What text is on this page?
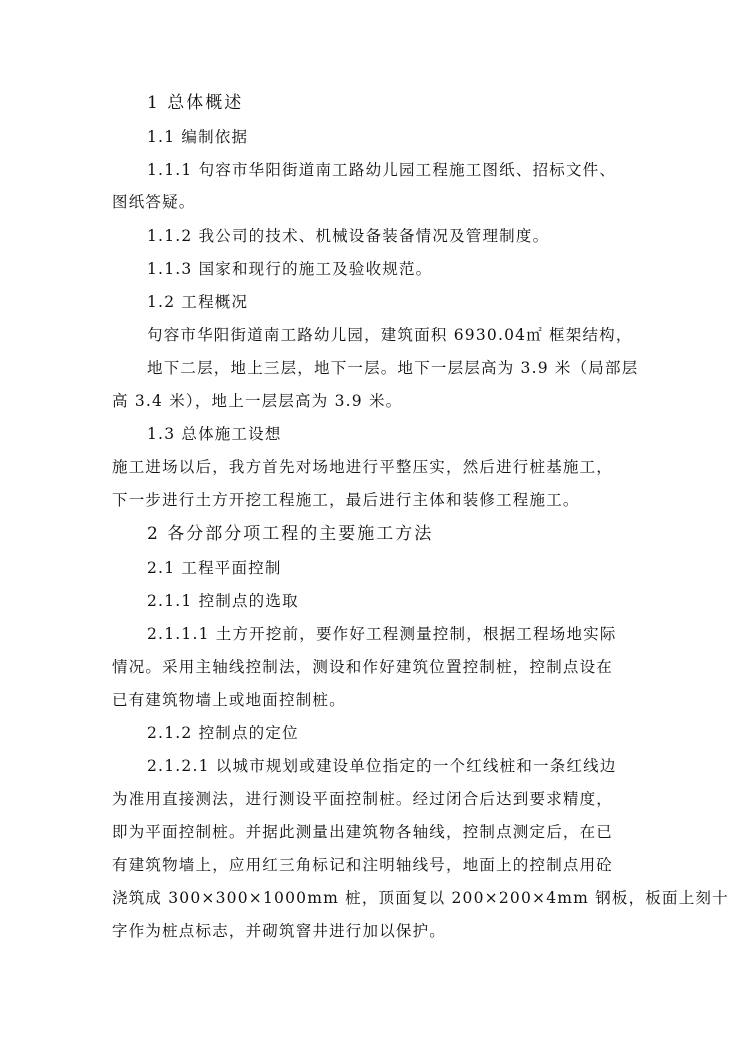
1 总体概述
1.1 编制依据
1.1.1 句容市华阳街道南工路幼儿园工程施工图纸、招标文件、
图纸答疑。
1.1.2 我公司的技术、机械设备装备情况及管理制度。
1.1.3 国家和现行的施工及验收规范。
1.2 工程概况
句容市华阳街道南工路幼儿园，建筑面积 6930.04㎡ 框架结构，
地下二层，地上三层，地下一层。地下一层层高为 3.9 米（局部层
高 3.4 米），地上一层层高为 3.9 米。
1.3 总体施工设想
施工进场以后，我方首先对场地进行平整压实，然后进行桩基施工，
下一步进行土方开挖工程施工，最后进行主体和装修工程施工。
2 各分部分项工程的主要施工方法
2.1 工程平面控制
2.1.1 控制点的选取
2.1.1.1 土方开挖前，要作好工程测量控制，根据工程场地实际
情况。采用主轴线控制法，测设和作好建筑位置控制桩，控制点设在
已有建筑物墙上或地面控制桩。
2.1.2 控制点的定位
2.1.2.1 以城市规划或建设单位指定的一个红线桩和一条红线边
为准用直接测法，进行测设平面控制桩。经过闭合后达到要求精度，
即为平面控制桩。并据此测量出建筑物各轴线，控制点测定后，在已
有建筑物墙上，应用红三角标记和注明轴线号，地面上的控制点用砼
浇筑成 300×300×1000mm 桩，顶面复以 200×200×4mm 钢板，板面上刻十
字作为桩点标志，并砌筑窨井进行加以保护。
